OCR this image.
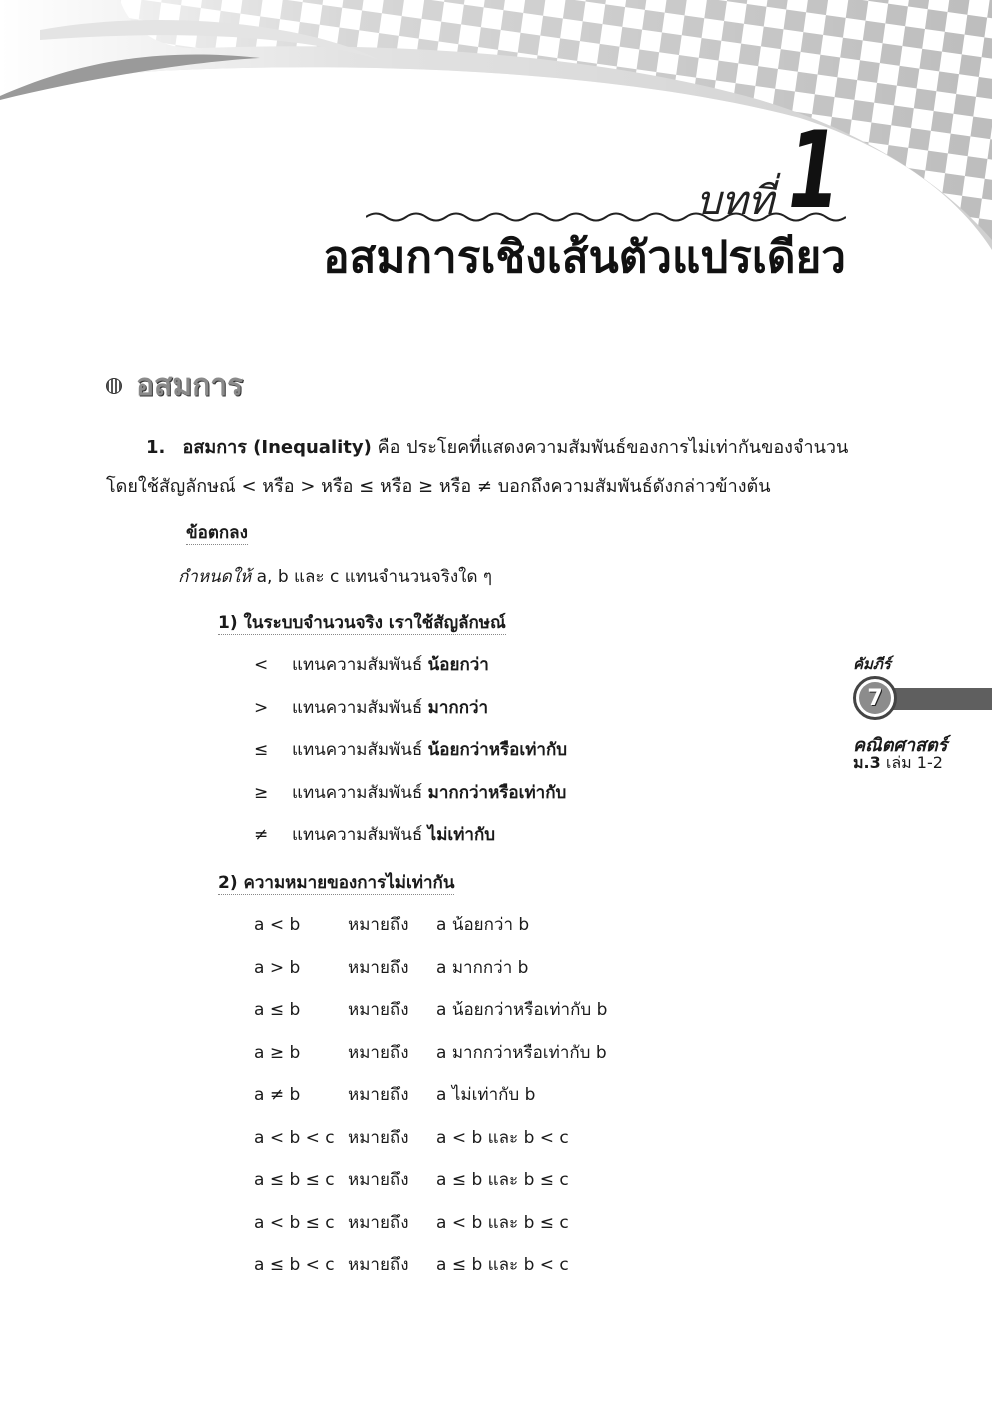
บทที่ 1
อสมการเชิงเส้นตัวแปรเดียว
อสมการ
1. อสมการ (Inequality) คือ ประโยคที่แสดงความสัมพันธ์ของการไม่เท่ากันของจำนวน
โดยใช้สัญลักษณ์ < หรือ > หรือ ≤ หรือ ≥ หรือ ≠ บอกถึงความสัมพันธ์ดังกล่าวข้างต้น
ข้อตกลง
กำหนดให้ a, b และ c แทนจำนวนจริงใด ๆ
1) ในระบบจำนวนจริง เราใช้สัญลักษณ์
< แทนความสัมพันธ์ น้อยกว่า
> แทนความสัมพันธ์ มากกว่า
≤ แทนความสัมพันธ์ น้อยกว่าหรือเท่ากับ
≥ แทนความสัมพันธ์ มากกว่าหรือเท่ากับ
≠ แทนความสัมพันธ์ ไม่เท่ากับ
2) ความหมายของการไม่เท่ากัน
a < b	หมายถึง a น้อยกว่า b
a > b	หมายถึง a มากกว่า b
a ≤ b	หมายถึง a น้อยกว่าหรือเท่ากับ b
a ≥ b	หมายถึง a มากกว่าหรือเท่ากับ b
a ≠ b	หมายถึง a ไม่เท่ากับ b
a < b < c หมายถึง a < b และ b < c
a ≤ b ≤ c หมายถึง a ≤ b และ b ≤ c
a < b ≤ c หมายถึง a < b และ b ≤ c
a ≤ b < c หมายถึง a ≤ b และ b < c
คัมภีร์
7
คณิตศาสตร์
ม.3 เล่ม 1-2
